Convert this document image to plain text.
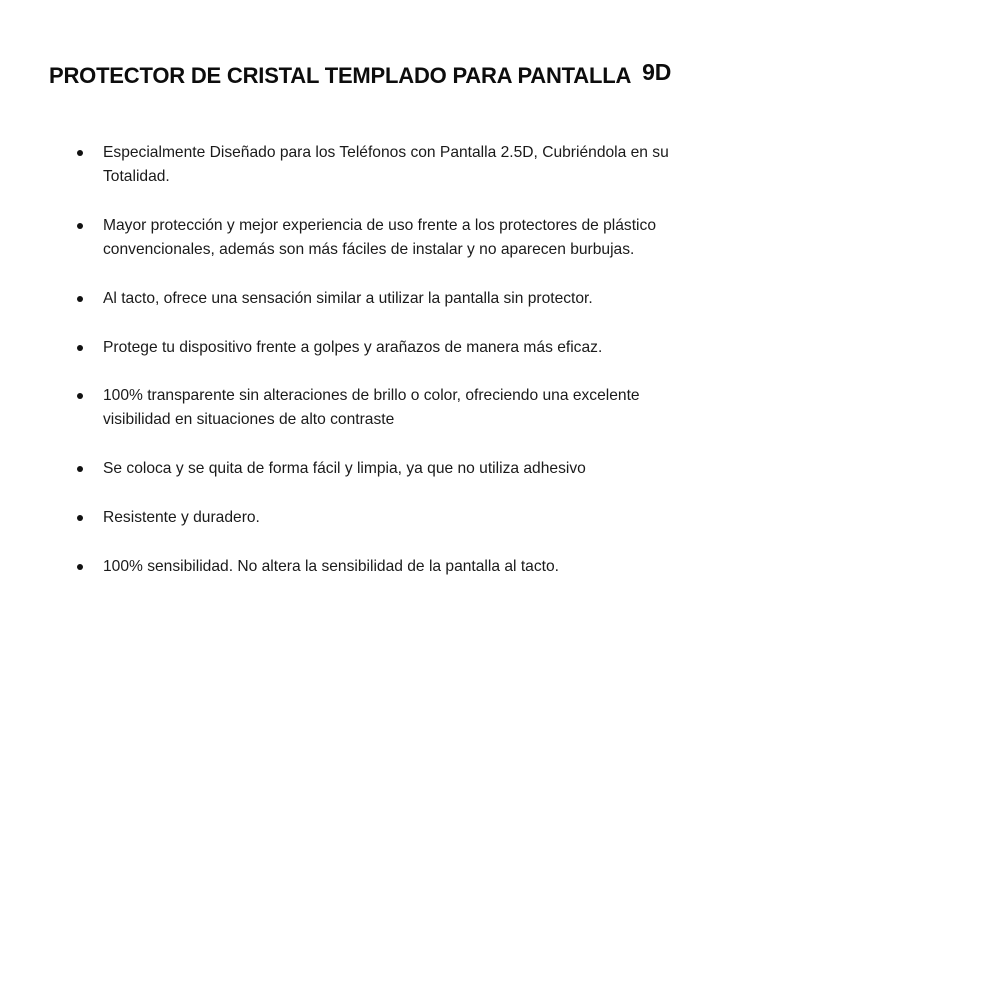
PROTECTOR DE CRISTAL TEMPLADO PARA PANTALLA 9D
Especialmente Diseñado para los Teléfonos con Pantalla 2.5D, Cubriéndola en su Totalidad.
Mayor protección y mejor experiencia de uso frente a los protectores de plástico convencionales, además son más fáciles de instalar y no aparecen burbujas.
Al tacto, ofrece una sensación similar a utilizar la pantalla sin protector.
Protege tu dispositivo frente a golpes y arañazos de manera más eficaz.
100% transparente sin alteraciones de brillo o color, ofreciendo una excelente visibilidad en situaciones de alto contraste
Se coloca y se quita de forma fácil y limpia, ya que no utiliza adhesivo
Resistente y duradero.
100% sensibilidad. No altera la sensibilidad de la pantalla al tacto.
